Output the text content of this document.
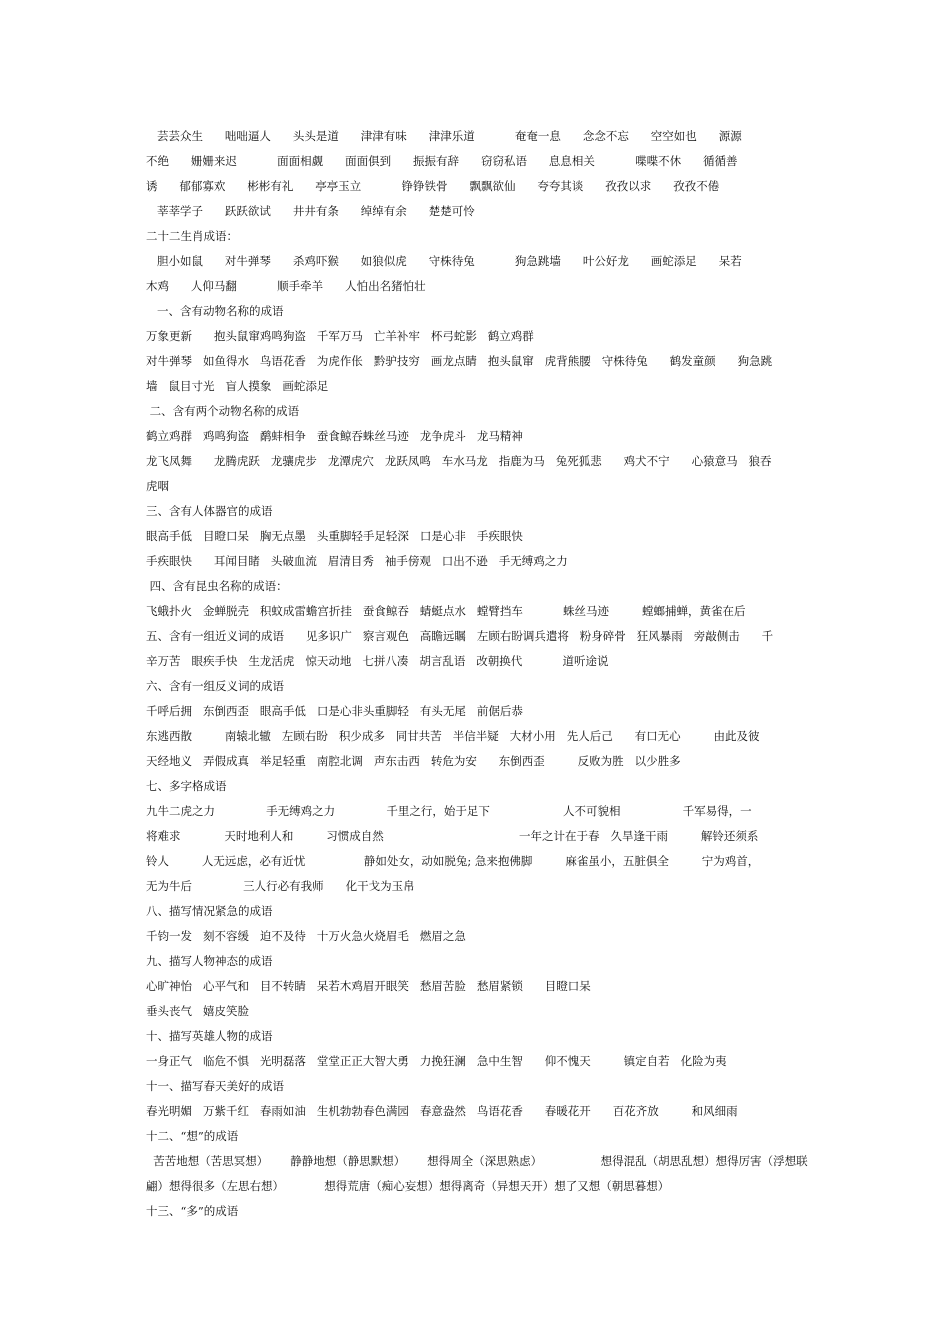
芸芸众生      咄咄逼人      头头是道      津津有味      津津乐道           奄奄一息      念念不忘      空空如也      源源
不绝      姗姗来迟           面面相觑      面面俱到      振振有辞      窃窃私语      息息相关           喋喋不休      循循善
诱      郁郁寡欢      彬彬有礼      亭亭玉立           铮铮铁骨      飘飘欲仙      夸夸其谈      孜孜以求      孜孜不倦
莘莘学子      跃跃欲试      井井有条      绰绰有余      楚楚可怜
二十二生肖成语：
胆小如鼠      对牛弹琴      杀鸡吓猴      如狼似虎      守株待兔           狗急跳墙      叶公好龙      画蛇添足      呆若
木鸡      人仰马翻           顺手牵羊      人怕出名猪怕壮
一、含有动物名称的成语
万象更新      抱头鼠窜鸡鸣狗盗   千军万马   亡羊补牢   杯弓蛇影   鹤立鸡群
对牛弹琴   如鱼得水   鸟语花香   为虎作伥   黔驴技穷   画龙点睛   抱头鼠窜   虎背熊腰   守株待兔      鹤发童颜      狗急跳
墙   鼠目寸光   盲人摸象   画蛇添足
二、含有两个动物名称的成语
鹤立鸡群   鸡鸣狗盗   鹬蚌相争   蚕食鲸吞蛛丝马迹   龙争虎斗   龙马精神
龙飞凤舞      龙腾虎跃   龙骧虎步   龙潭虎穴   龙跃凤鸣   车水马龙   指鹿为马   兔死狐悲      鸡犬不宁      心猿意马   狼吞
虎咽
三、含有人体器官的成语
眼高手低   目瞪口呆   胸无点墨   头重脚轻手足轻深   口是心非   手疾眼快
手疾眼快      耳闻目睹   头破血流   眉清目秀   袖手傍观   口出不逊   手无缚鸡之力
四、含有昆虫名称的成语：
飞蛾扑火   金蝉脱壳   积蚊成雷蟾宫折挂   蚕食鲸吞   蜻蜓点水   螳臂挡车           蛛丝马迹         螳螂捕蝉，黄雀在后
五、含有一组近义词的成语      见多识广   察言观色   高瞻远瞩   左顾右盼调兵遣将   粉身碎骨   狂风暴雨   旁敲侧击      千
辛万苦   眼疾手快   生龙活虎   惊天动地   七拼八凑   胡言乱语   改朝换代           道听途说
六、含有一组反义词的成语
千呼后拥   东倒西歪   眼高手低   口是心非头重脚轻   有头无尾   前倨后恭
东逃西散         南辕北辙   左顾右盼   积少成多   同甘共苦   半信半疑   大材小用   先人后己      有口无心         由此及彼
天经地义   弄假成真   举足轻重   南腔北调   声东击西   转危为安      东倒西歪         反败为胜   以少胜多
七、多字格成语
九牛二虎之力              手无缚鸡之力              千里之行，始于足下                    人不可貌相                 千军易得，一
将难求            天时地利人和         习惯成自然                                     一年之计在于春   久旱逢干雨         解铃还须系
铃人         人无远虑，必有近忧                静如处女，动如脱兔; 急来抱佛脚         麻雀虽小，五脏俱全         宁为鸡首，
无为牛后              三人行必有我师      化干戈为玉帛
八、描写情况紧急的成语
千钧一发   刻不容缓   迫不及待   十万火急火烧眉毛   燃眉之急
九、描写人物神态的成语
心旷神怡   心平气和   目不转睛   呆若木鸡眉开眼笑   愁眉苦脸   愁眉紧锁      目瞪口呆
垂头丧气   嬉皮笑脸
十、描写英雄人物的成语
一身正气   临危不惧   光明磊落   堂堂正正大智大勇   力挽狂澜   急中生智      仰不愧天         镇定自若   化险为夷
十一、描写春天美好的成语
春光明媚   万紫千红   春雨如油   生机勃勃春色满园   春意盎然   鸟语花香      春暖花开      百花齐放         和风细雨
十二、“想”的成语
苦苦地想（苦思冥想）      静静地想（静思默想）      想得周全（深思熟虑）                想得混乱（胡思乱想）想得厉害（浮想联
翩）想得很多（左思右想）           想得荒唐（痴心妄想）想得离奇（异想天开）想了又想（朝思暮想）
十三、“多”的成语
